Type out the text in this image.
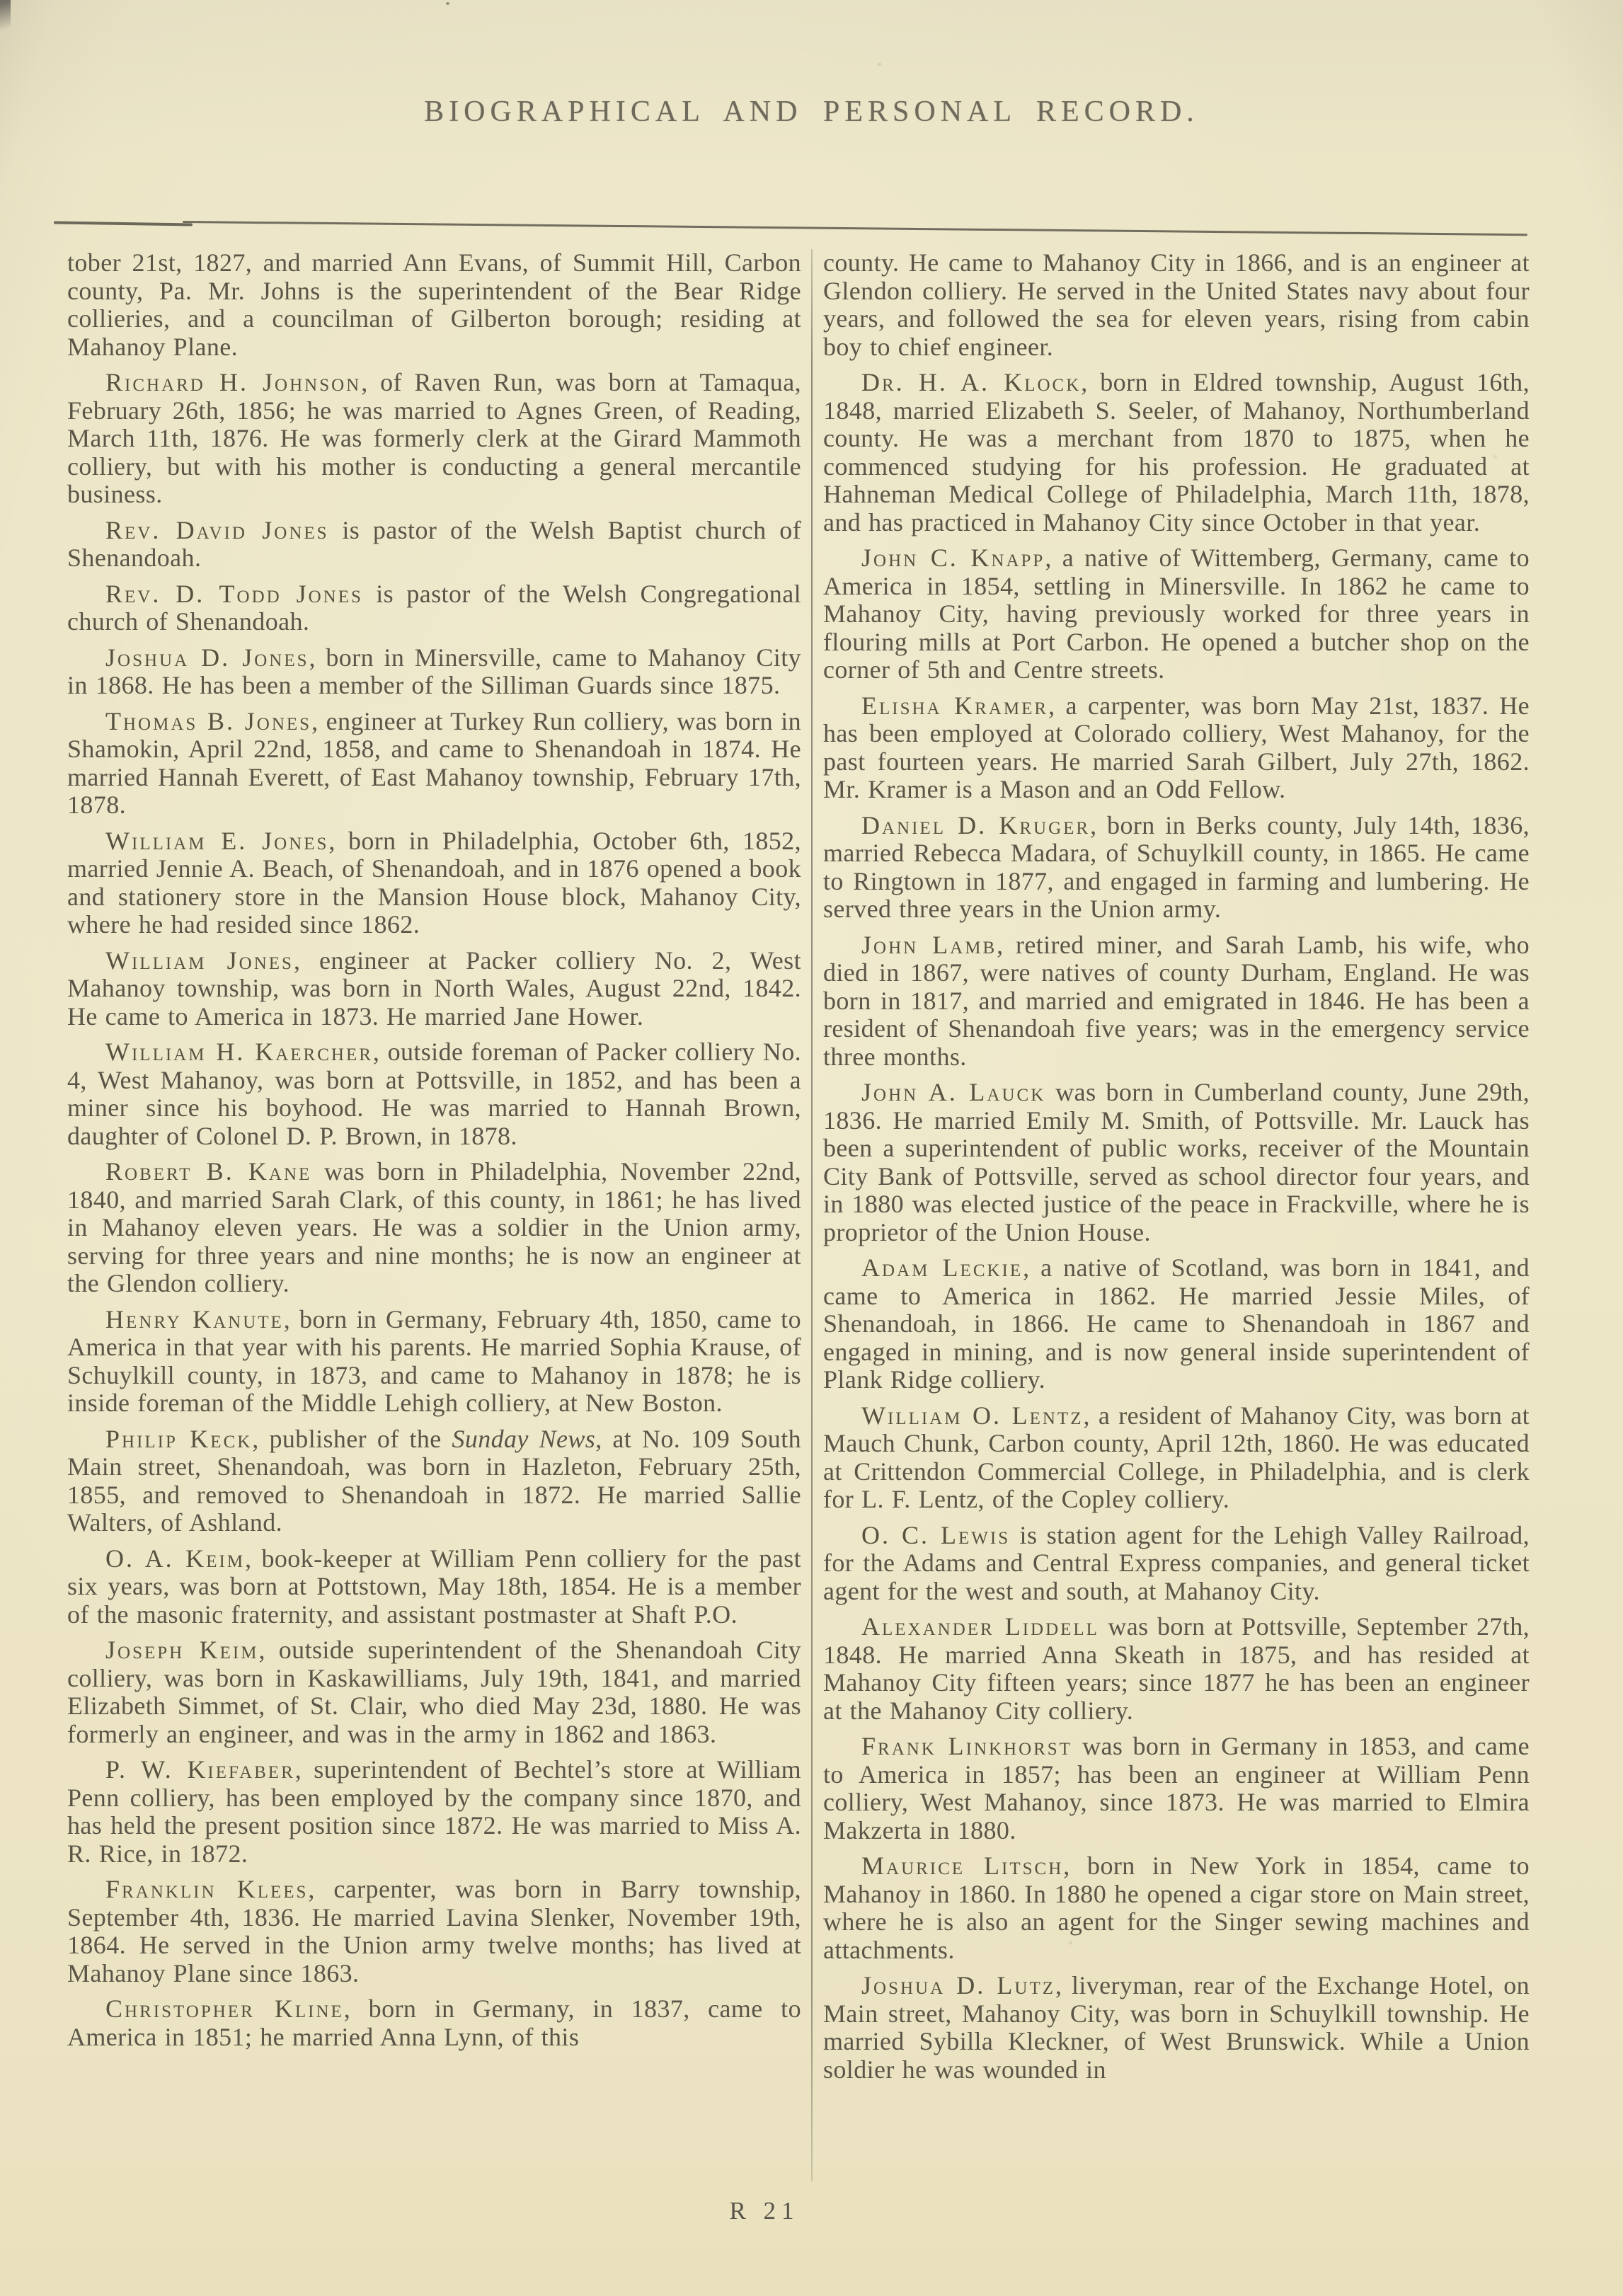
BIOGRAPHICAL AND PERSONAL RECORD.

tober 21st, 1827, and married Ann Evans, of Summit Hill, Carbon county, Pa. Mr. Johns is the superintendent of the Bear Ridge collieries, and a councilman of Gilberton borough; residing at Mahanoy Plane.

Richard H. Johnson, of Raven Run, was born at Tamaqua, February 26th, 1856; he was married to Agnes Green, of Reading, March 11th, 1876. He was formerly clerk at the Girard Mammoth colliery, but with his mother is conducting a general mercantile business.

Rev. David Jones is pastor of the Welsh Baptist church of Shenandoah.

Rev. D. Todd Jones is pastor of the Welsh Congregational church of Shenandoah.

Joshua D. Jones, born in Minersville, came to Mahanoy City in 1868. He has been a member of the Silliman Guards since 1875.

Thomas B. Jones, engineer at Turkey Run colliery, was born in Shamokin, April 22nd, 1858, and came to Shenandoah in 1874. He married Hannah Everett, of East Mahanoy township, February 17th, 1878.

William E. Jones, born in Philadelphia, October 6th, 1852, married Jennie A. Beach, of Shenandoah, and in 1876 opened a book and stationery store in the Mansion House block, Mahanoy City, where he had resided since 1862.

William Jones, engineer at Packer colliery No. 2, West Mahanoy township, was born in North Wales, August 22nd, 1842. He came to America in 1873. He married Jane Hower.

William H. Kaercher, outside foreman of Packer colliery No. 4, West Mahanoy, was born at Pottsville, in 1852, and has been a miner since his boyhood. He was married to Hannah Brown, daughter of Colonel D. P. Brown, in 1878.

Robert B. Kane was born in Philadelphia, November 22nd, 1840, and married Sarah Clark, of this county, in 1861; he has lived in Mahanoy eleven years. He was a soldier in the Union army, serving for three years and nine months; he is now an engineer at the Glendon colliery.

Henry Kanute, born in Germany, February 4th, 1850, came to America in that year with his parents. He married Sophia Krause, of Schuylkill county, in 1873, and came to Mahanoy in 1878; he is inside foreman of the Middle Lehigh colliery, at New Boston.

Philip Keck, publisher of the Sunday News, at No. 109 South Main street, Shenandoah, was born in Hazleton, February 25th, 1855, and removed to Shenandoah in 1872. He married Sallie Walters, of Ashland.

O. A. Keim, book-keeper at William Penn colliery for the past six years, was born at Pottstown, May 18th, 1854. He is a member of the masonic fraternity, and assistant postmaster at Shaft P.O.

Joseph Keim, outside superintendent of the Shenandoah City colliery, was born in Kaskawilliams, July 19th, 1841, and married Elizabeth Simmet, of St. Clair, who died May 23d, 1880. He was formerly an engineer, and was in the army in 1862 and 1863.

P. W. Kiefaber, superintendent of Bechtel’s store at William Penn colliery, has been employed by the company since 1870, and has held the present position since 1872. He was married to Miss A. R. Rice, in 1872.

Franklin Klees, carpenter, was born in Barry township, September 4th, 1836. He married Lavina Slenker, November 19th, 1864. He served in the Union army twelve months; has lived at Mahanoy Plane since 1863.

Christopher Kline, born in Germany, in 1837, came to America in 1851; he married Anna Lynn, of this

county. He came to Mahanoy City in 1866, and is an engineer at Glendon colliery. He served in the United States navy about four years, and followed the sea for eleven years, rising from cabin boy to chief engineer.

Dr. H. A. Klock, born in Eldred township, August 16th, 1848, married Elizabeth S. Seeler, of Mahanoy, Northumberland county. He was a merchant from 1870 to 1875, when he commenced studying for his profession. He graduated at Hahneman Medical College of Philadelphia, March 11th, 1878, and has practiced in Mahanoy City since October in that year.

John C. Knapp, a native of Wittemberg, Germany, came to America in 1854, settling in Minersville. In 1862 he came to Mahanoy City, having previously worked for three years in flouring mills at Port Carbon. He opened a butcher shop on the corner of 5th and Centre streets.

Elisha Kramer, a carpenter, was born May 21st, 1837. He has been employed at Colorado colliery, West Mahanoy, for the past fourteen years. He married Sarah Gilbert, July 27th, 1862. Mr. Kramer is a Mason and an Odd Fellow.

Daniel D. Kruger, born in Berks county, July 14th, 1836, married Rebecca Madara, of Schuylkill county, in 1865. He came to Ringtown in 1877, and engaged in farming and lumbering. He served three years in the Union army.

John Lamb, retired miner, and Sarah Lamb, his wife, who died in 1867, were natives of county Durham, England. He was born in 1817, and married and emigrated in 1846. He has been a resident of Shenandoah five years; was in the emergency service three months.

John A. Lauck was born in Cumberland county, June 29th, 1836. He married Emily M. Smith, of Pottsville. Mr. Lauck has been a superintendent of public works, receiver of the Mountain City Bank of Pottsville, served as school director four years, and in 1880 was elected justice of the peace in Frackville, where he is proprietor of the Union House.

Adam Leckie, a native of Scotland, was born in 1841, and came to America in 1862. He married Jessie Miles, of Shenandoah, in 1866. He came to Shenandoah in 1867 and engaged in mining, and is now general inside superintendent of Plank Ridge colliery.

William O. Lentz, a resident of Mahanoy City, was born at Mauch Chunk, Carbon county, April 12th, 1860. He was educated at Crittendon Commercial College, in Philadelphia, and is clerk for L. F. Lentz, of the Copley colliery.

O. C. Lewis is station agent for the Lehigh Valley Railroad, for the Adams and Central Express companies, and general ticket agent for the west and south, at Mahanoy City.

Alexander Liddell was born at Pottsville, September 27th, 1848. He married Anna Skeath in 1875, and has resided at Mahanoy City fifteen years; since 1877 he has been an engineer at the Mahanoy City colliery.

Frank Linkhorst was born in Germany in 1853, and came to America in 1857; has been an engineer at William Penn colliery, West Mahanoy, since 1873. He was married to Elmira Makzerta in 1880.

Maurice Litsch, born in New York in 1854, came to Mahanoy in 1860. In 1880 he opened a cigar store on Main street, where he is also an agent for the Singer sewing machines and attachments.

Joshua D. Lutz, liveryman, rear of the Exchange Hotel, on Main street, Mahanoy City, was born in Schuylkill township. He married Sybilla Kleckner, of West Brunswick. While a Union soldier he was wounded in

R 21
